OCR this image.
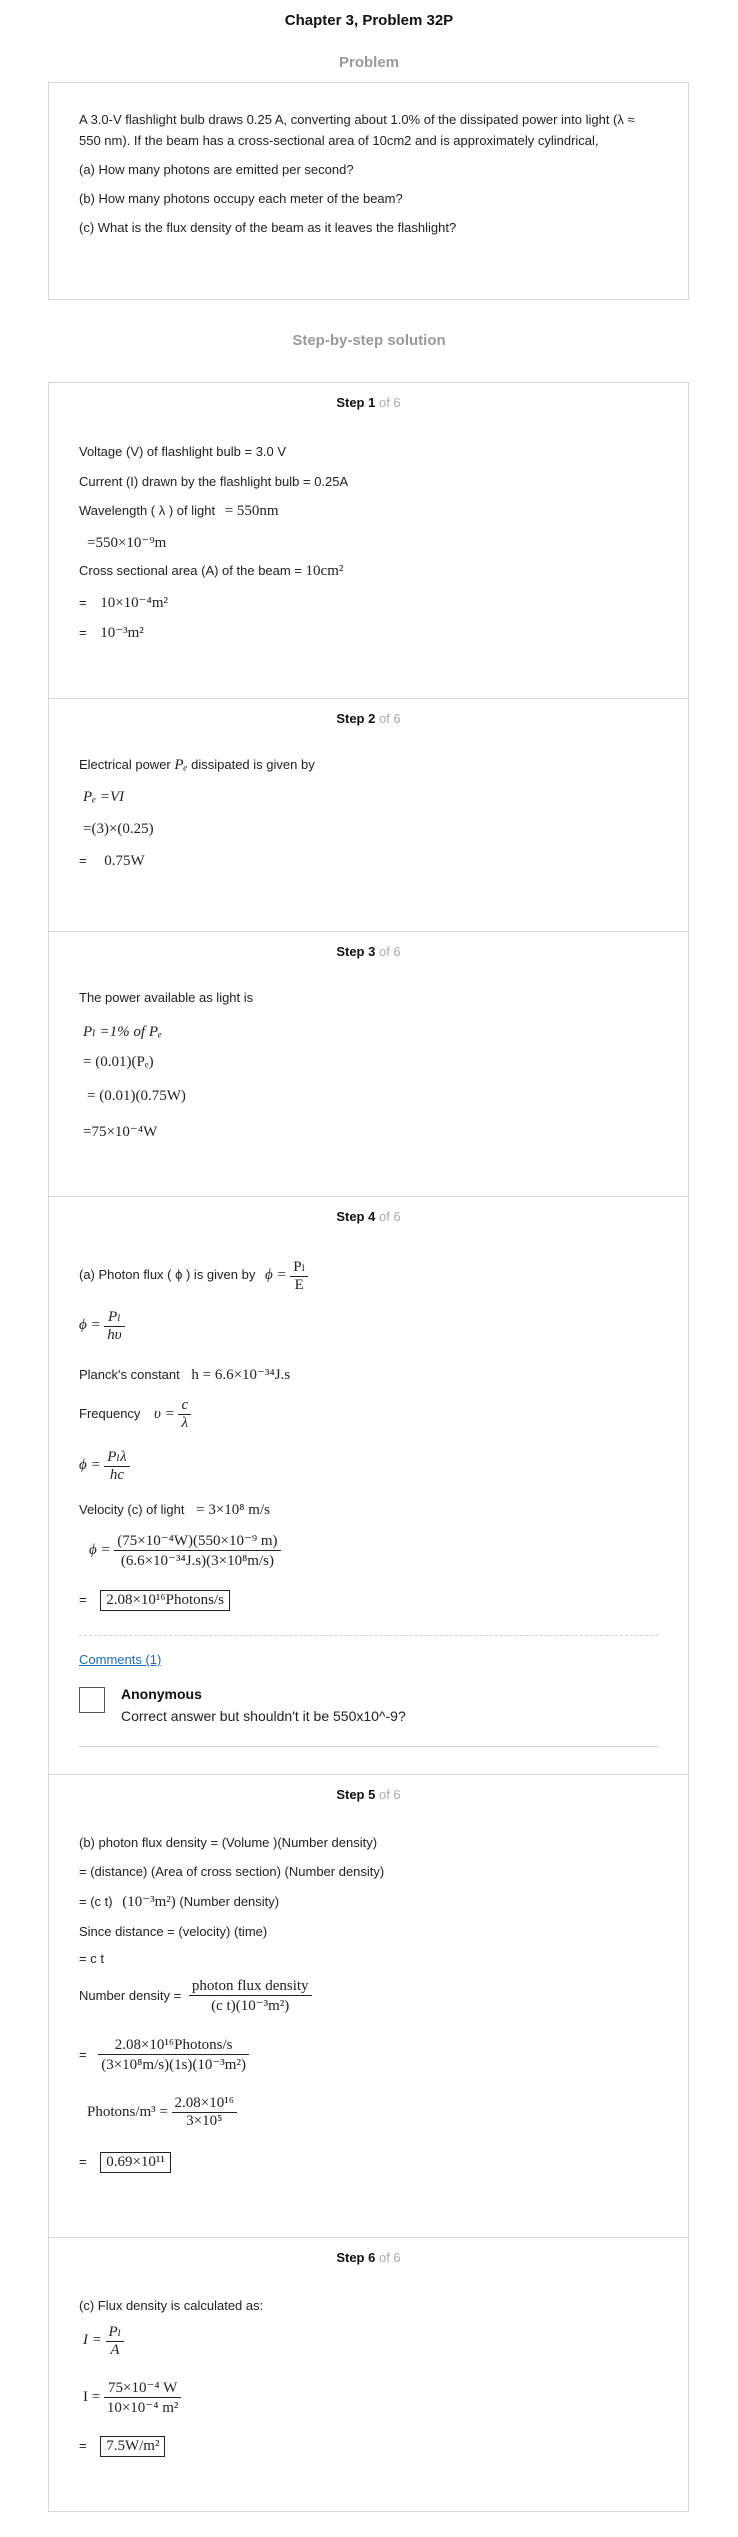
Chapter 3, Problem 32P
Problem

A 3.0-V flashlight bulb draws 0.25 A, converting about 1.0% of the dissipated power into light (λ ≈ 550 nm). If the beam has a cross-sectional area of 10cm2 and is approximately cylindrical,

(a) How many photons are emitted per second?

(b) How many photons occupy each meter of the beam?

(c) What is the flux density of the beam as it leaves the flashlight?

Step-by-step solution
Step 1 of 6
Voltage (V) of flashlight bulb = 3.0 V
Current (I) drawn by the flashlight bulb = 0.25A
Wavelength ( λ ) of light = 550nm
=550×10⁻⁹m
Cross sectional area (A) of the beam = 10cm²
= 10×10⁻⁴m²
= 10⁻³m²
Step 2 of 6
Electrical power Pₑ dissipated is given by
Pₑ =VI
=(3)×(0.25)
= 0.75W
Step 3 of 6
The power available as light is
Pₗ =1% of Pₑ
= (0.01)(Pₑ)
= (0.01)(0.75W)
=75×10⁻⁴W
Step 4 of 6
(a) Photon flux ( ϕ ) is given by $\phi = \frac{\text{Pₗ}}{E}$
$\phi = \frac{\text{Pₗ}}{h\upsilon}$
Planck's constant h = 6.6×10⁻³⁴J.s
Frequency $\upsilon = \frac{c}{\lambda}$
$\phi = \frac{\text{Pₗλ}}{hc}$
Velocity (c) of light = 3×10⁸ m/s
$\phi = \frac{\text{(75×10⁻⁴W)(550×10⁻⁹ m)}}{\text{(6.6×10⁻³⁴J.s)(3×10⁸m/s)}}$
= 2.08×10¹⁶Photons/s
Comments (1)
Anonymous
Correct answer but shouldn't it be 550x10^-9?
Step 5 of 6
(b) photon flux density = (Volume )(Number density)
= (distance) (Area of cross section) (Number density)
= (c t) (10⁻³m²) (Number density)
Since distance = (velocity) (time)
= c t
Number density = $\frac{\text{photon flux density}}{\text{(c t)(10⁻³m²)}}$
= $\frac{\text{2.08×10¹⁶Photons/s}}{\text{(3×10⁸m/s)(1s)(10⁻³m²)}}$
Photons/m³ = $\frac{\text{2.08×10¹⁶}}{\text{3×10⁵}}$
= 0.69×10¹¹
Step 6 of 6
(c) Flux density is calculated as:
$I = \frac{\text{Pₗ}}{A}$
$I = \frac{\text{75×10⁻⁴ W}}{\text{10×10⁻⁴ m²}}$
= 7.5W/m²
